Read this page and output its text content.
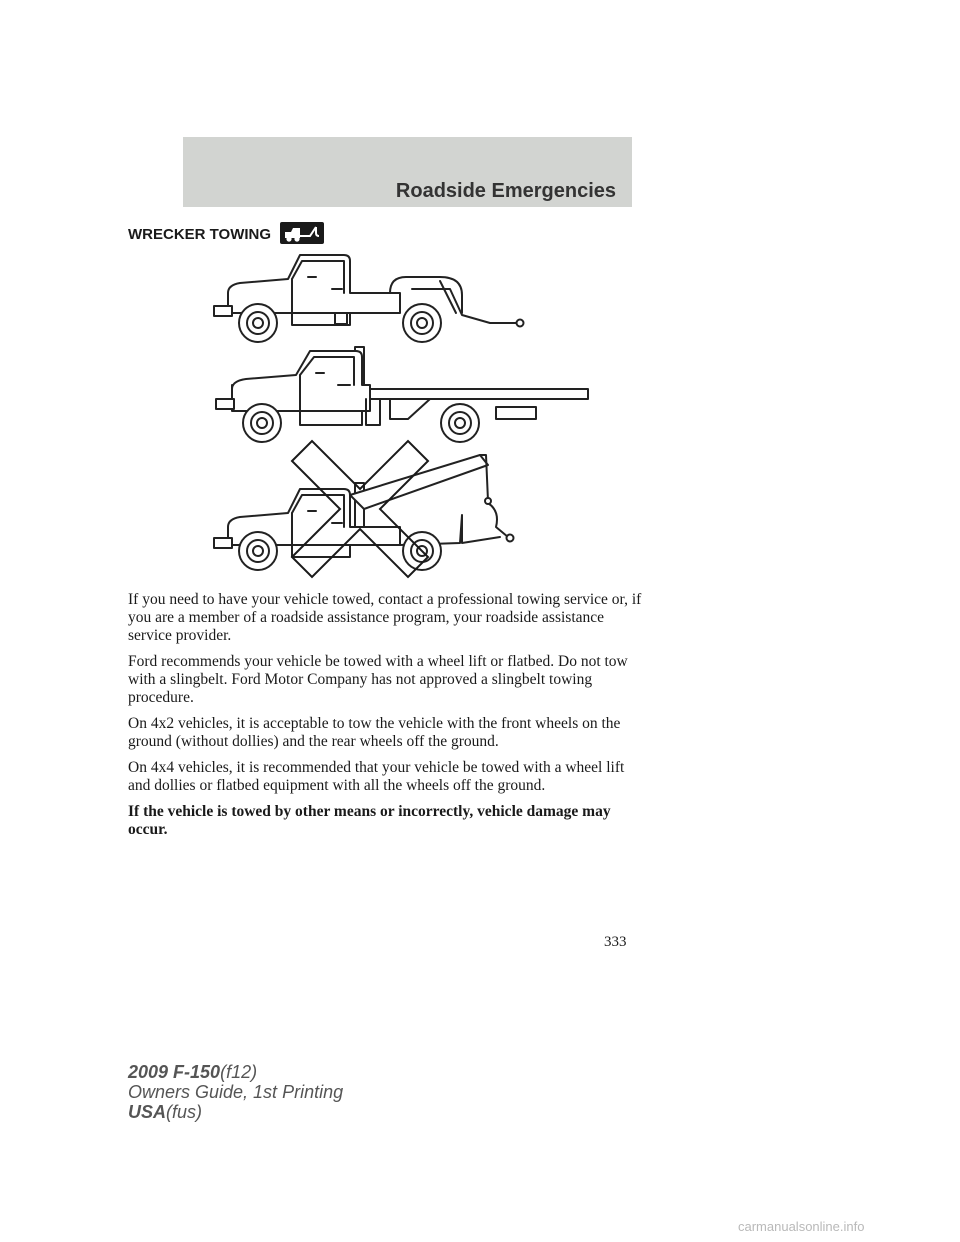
Roadside Emergencies
WRECKER TOWING

If you need to have your vehicle towed, contact a professional towing service or, if you are a member of a roadside assistance program, your roadside assistance service provider.

Ford recommends your vehicle be towed with a wheel lift or flatbed. Do not tow with a slingbelt. Ford Motor Company has not approved a slingbelt towing procedure.

On 4x2 vehicles, it is acceptable to tow the vehicle with the front wheels on the ground (without dollies) and the rear wheels off the ground.

On 4x4 vehicles, it is recommended that your vehicle be towed with a wheel lift and dollies or flatbed equipment with all the wheels off the ground.

If the vehicle is towed by other means or incorrectly, vehicle damage may occur.

333
2009 F-150(f12)
Owners Guide, 1st Printing
USA(fus)
carmanualsonline.info
